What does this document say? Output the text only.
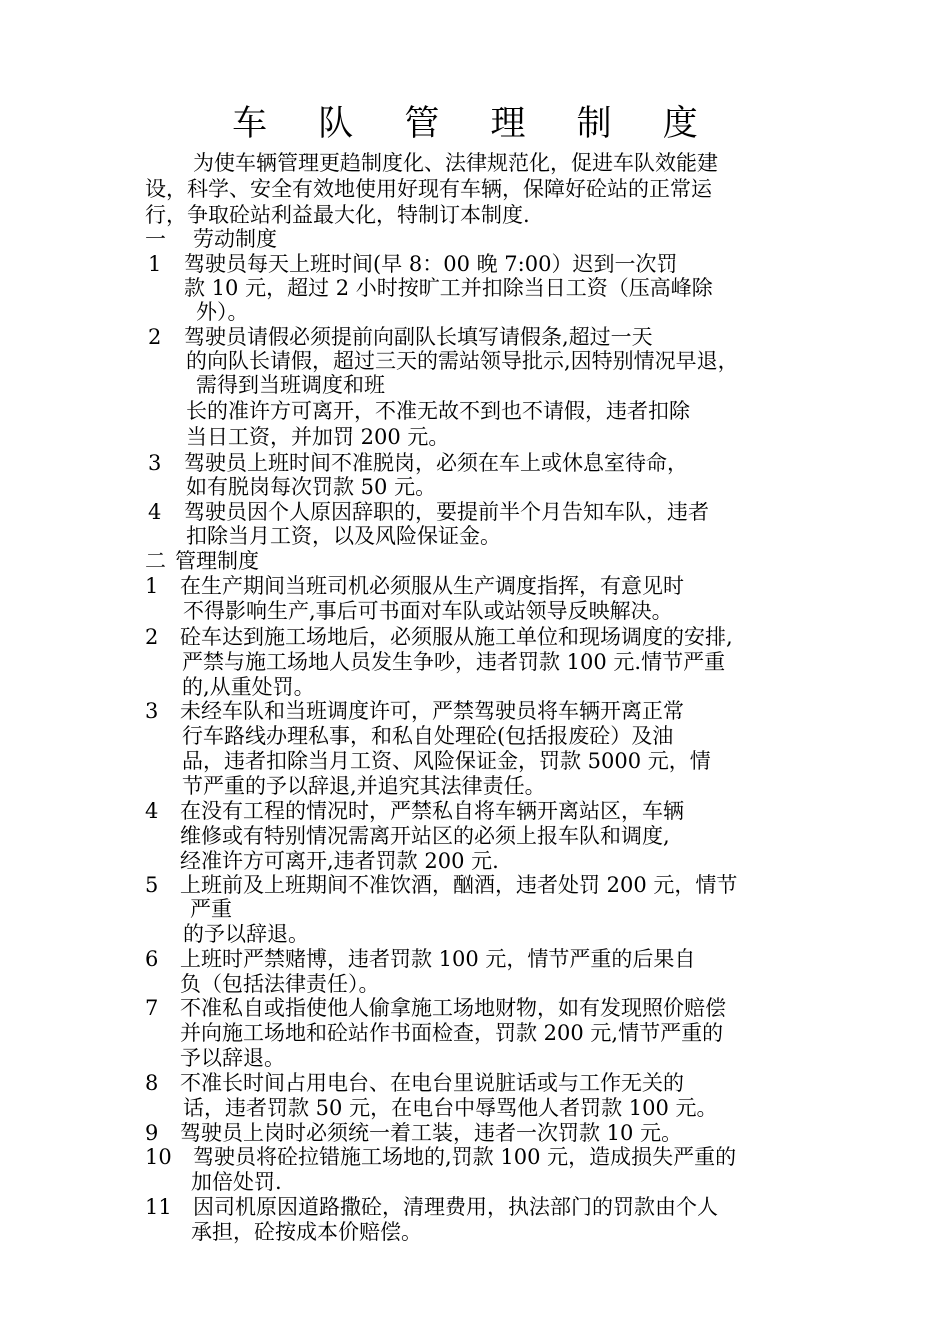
车 队 管 理 制 度
为使车辆管理更趋制度化、法律规范化，促进车队效能建
设，科学、安全有效地使用好现有车辆，保障好砼站的正常运
行，争取砼站利益最大化，特制订本制度.
一 劳动制度
1 驾驶员每天上班时间(早 8：00 晚 7:00）迟到一次罚
款 10 元，超过 2 小时按旷工并扣除当日工资（压高峰除
外）。
2 驾驶员请假必须提前向副队长填写请假条,超过一天
的向队长请假，超过三天的需站领导批示,因特别情况早退，
需得到当班调度和班
长的准许方可离开，不准无故不到也不请假，违者扣除
当日工资，并加罚 200 元。
3 驾驶员上班时间不准脱岗，必须在车上或休息室待命，
如有脱岗每次罚款 50 元。
4 驾驶员因个人原因辞职的，要提前半个月告知车队，违者
扣除当月工资，以及风险保证金。
二 管理制度
1 在生产期间当班司机必须服从生产调度指挥，有意见时
不得影响生产,事后可书面对车队或站领导反映解决。
2 砼车达到施工场地后，必须服从施工单位和现场调度的安排,
严禁与施工场地人员发生争吵，违者罚款 100 元.情节严重
的,从重处罚。
3 未经车队和当班调度许可，严禁驾驶员将车辆开离正常
行车路线办理私事，和私自处理砼(包括报废砼）及油
品，违者扣除当月工资、风险保证金，罚款 5000 元，情
节严重的予以辞退,并追究其法律责任。
4 在没有工程的情况时，严禁私自将车辆开离站区，车辆
维修或有特别情况需离开站区的必须上报车队和调度,
经准许方可离开,违者罚款 200 元.
5 上班前及上班期间不准饮酒，酗酒，违者处罚 200 元，情节
严重
的予以辞退。
6 上班时严禁赌博，违者罚款 100 元，情节严重的后果自
负（包括法律责任）。
7 不准私自或指使他人偷拿施工场地财物，如有发现照价赔偿
并向施工场地和砼站作书面检查，罚款 200 元,情节严重的
予以辞退。
8 不准长时间占用电台、在电台里说脏话或与工作无关的
话，违者罚款 50 元，在电台中辱骂他人者罚款 100 元。
9 驾驶员上岗时必须统一着工装，违者一次罚款 10 元。
10 驾驶员将砼拉错施工场地的,罚款 100 元，造成损失严重的
加倍处罚.
11 因司机原因道路撒砼，清理费用，执法部门的罚款由个人
承担，砼按成本价赔偿。
